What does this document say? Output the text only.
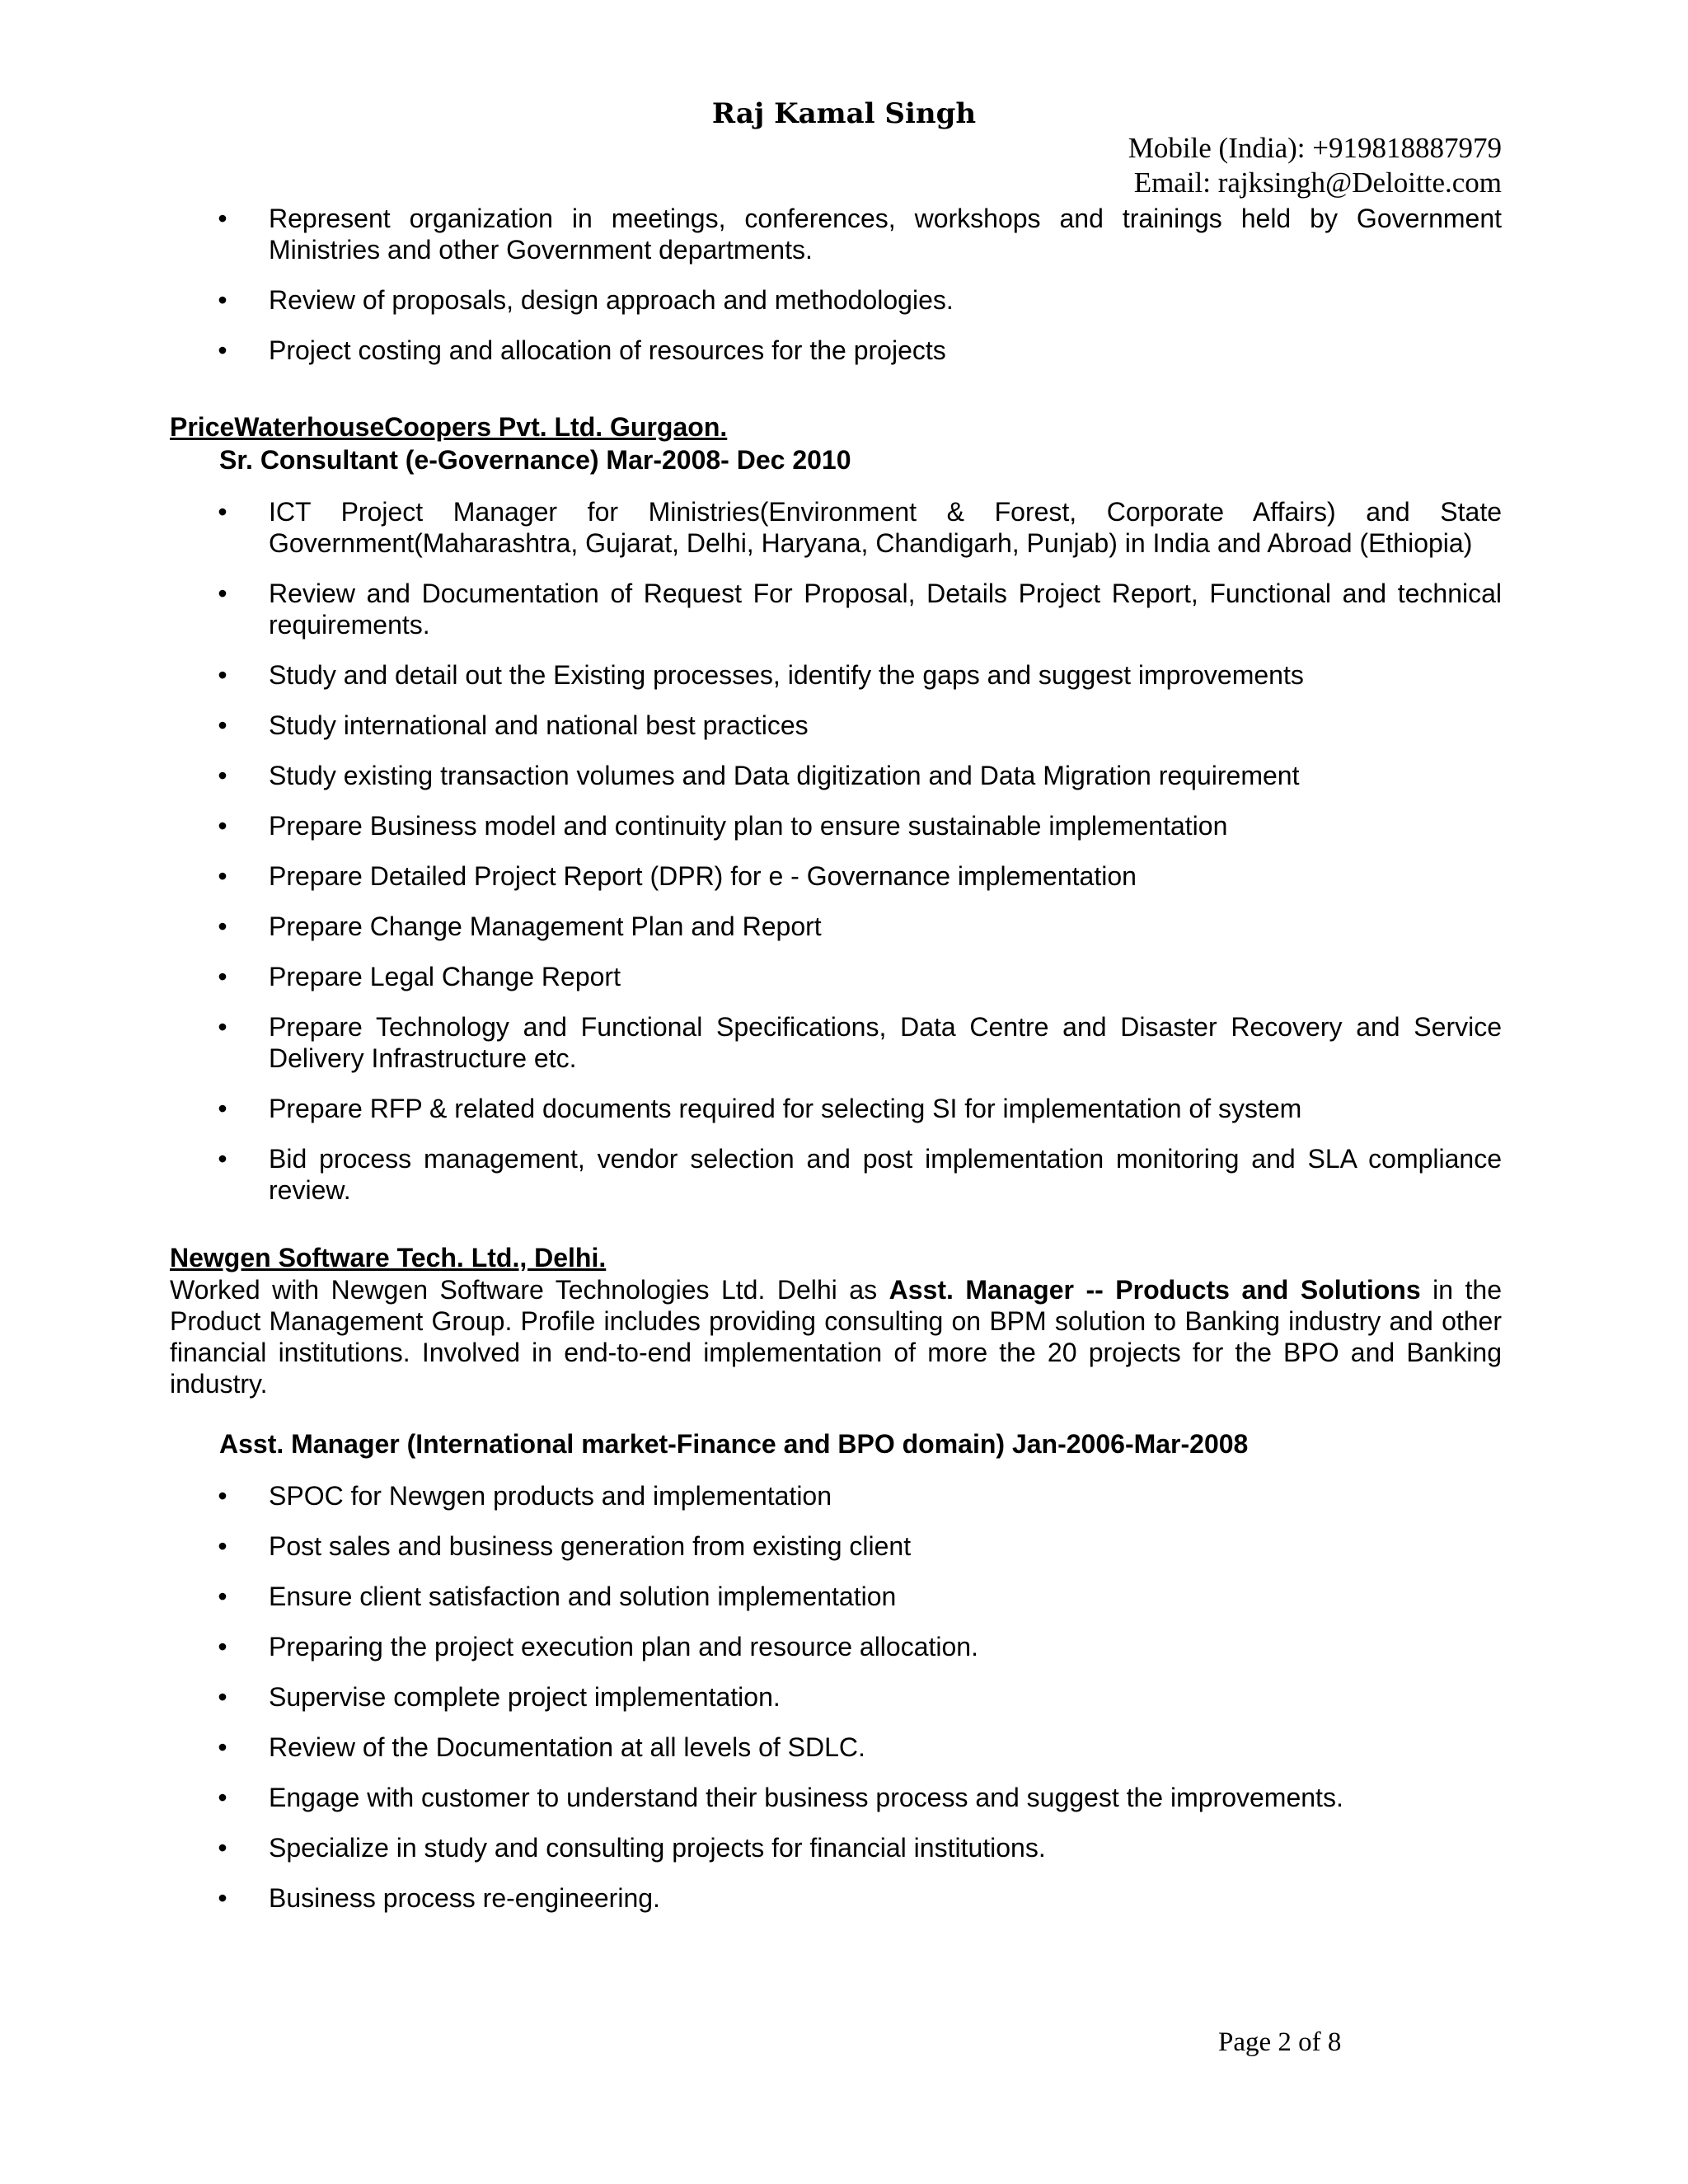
Raj Kamal Singh
Mobile (India): +919818887979
Email: rajksingh@Deloitte.com
• Represent organization in meetings, conferences, workshops and trainings held by Government Ministries and other Government departments.
• Review of proposals, design approach and methodologies.
• Project costing and allocation of resources for the projects
PriceWaterhouseCoopers Pvt. Ltd. Gurgaon.
Sr. Consultant (e-Governance) Mar-2008- Dec 2010
• ICT Project Manager for Ministries(Environment & Forest, Corporate Affairs) and State Government(Maharashtra, Gujarat, Delhi, Haryana, Chandigarh, Punjab) in India and Abroad (Ethiopia)
• Review and Documentation of Request For Proposal, Details Project Report, Functional and technical requirements.
• Study and detail out the Existing processes, identify the gaps and suggest improvements
• Study international and national best practices
• Study existing transaction volumes and Data digitization and Data Migration requirement
• Prepare Business model and continuity plan to ensure sustainable implementation
• Prepare Detailed Project Report (DPR) for e - Governance implementation
• Prepare Change Management Plan and Report
• Prepare Legal Change Report
• Prepare Technology and Functional Specifications, Data Centre and Disaster Recovery and Service Delivery Infrastructure etc.
• Prepare RFP & related documents required for selecting SI for implementation of system
• Bid process management, vendor selection and post implementation monitoring and SLA compliance review.
Newgen Software Tech. Ltd., Delhi.
Worked with Newgen Software Technologies Ltd. Delhi as Asst. Manager -- Products and Solutions in the Product Management Group. Profile includes providing consulting on BPM solution to Banking industry and other financial institutions. Involved in end-to-end implementation of more the 20 projects for the BPO and Banking industry.
Asst. Manager (International market-Finance and BPO domain) Jan-2006-Mar-2008
• SPOC for Newgen products and implementation
• Post sales and business generation from existing client
• Ensure client satisfaction and solution implementation
• Preparing the project execution plan and resource allocation.
• Supervise complete project implementation.
• Review of the Documentation at all levels of SDLC.
• Engage with customer to understand their business process and suggest the improvements.
• Specialize in study and consulting projects for financial institutions.
• Business process re-engineering.
Page 2 of 8
